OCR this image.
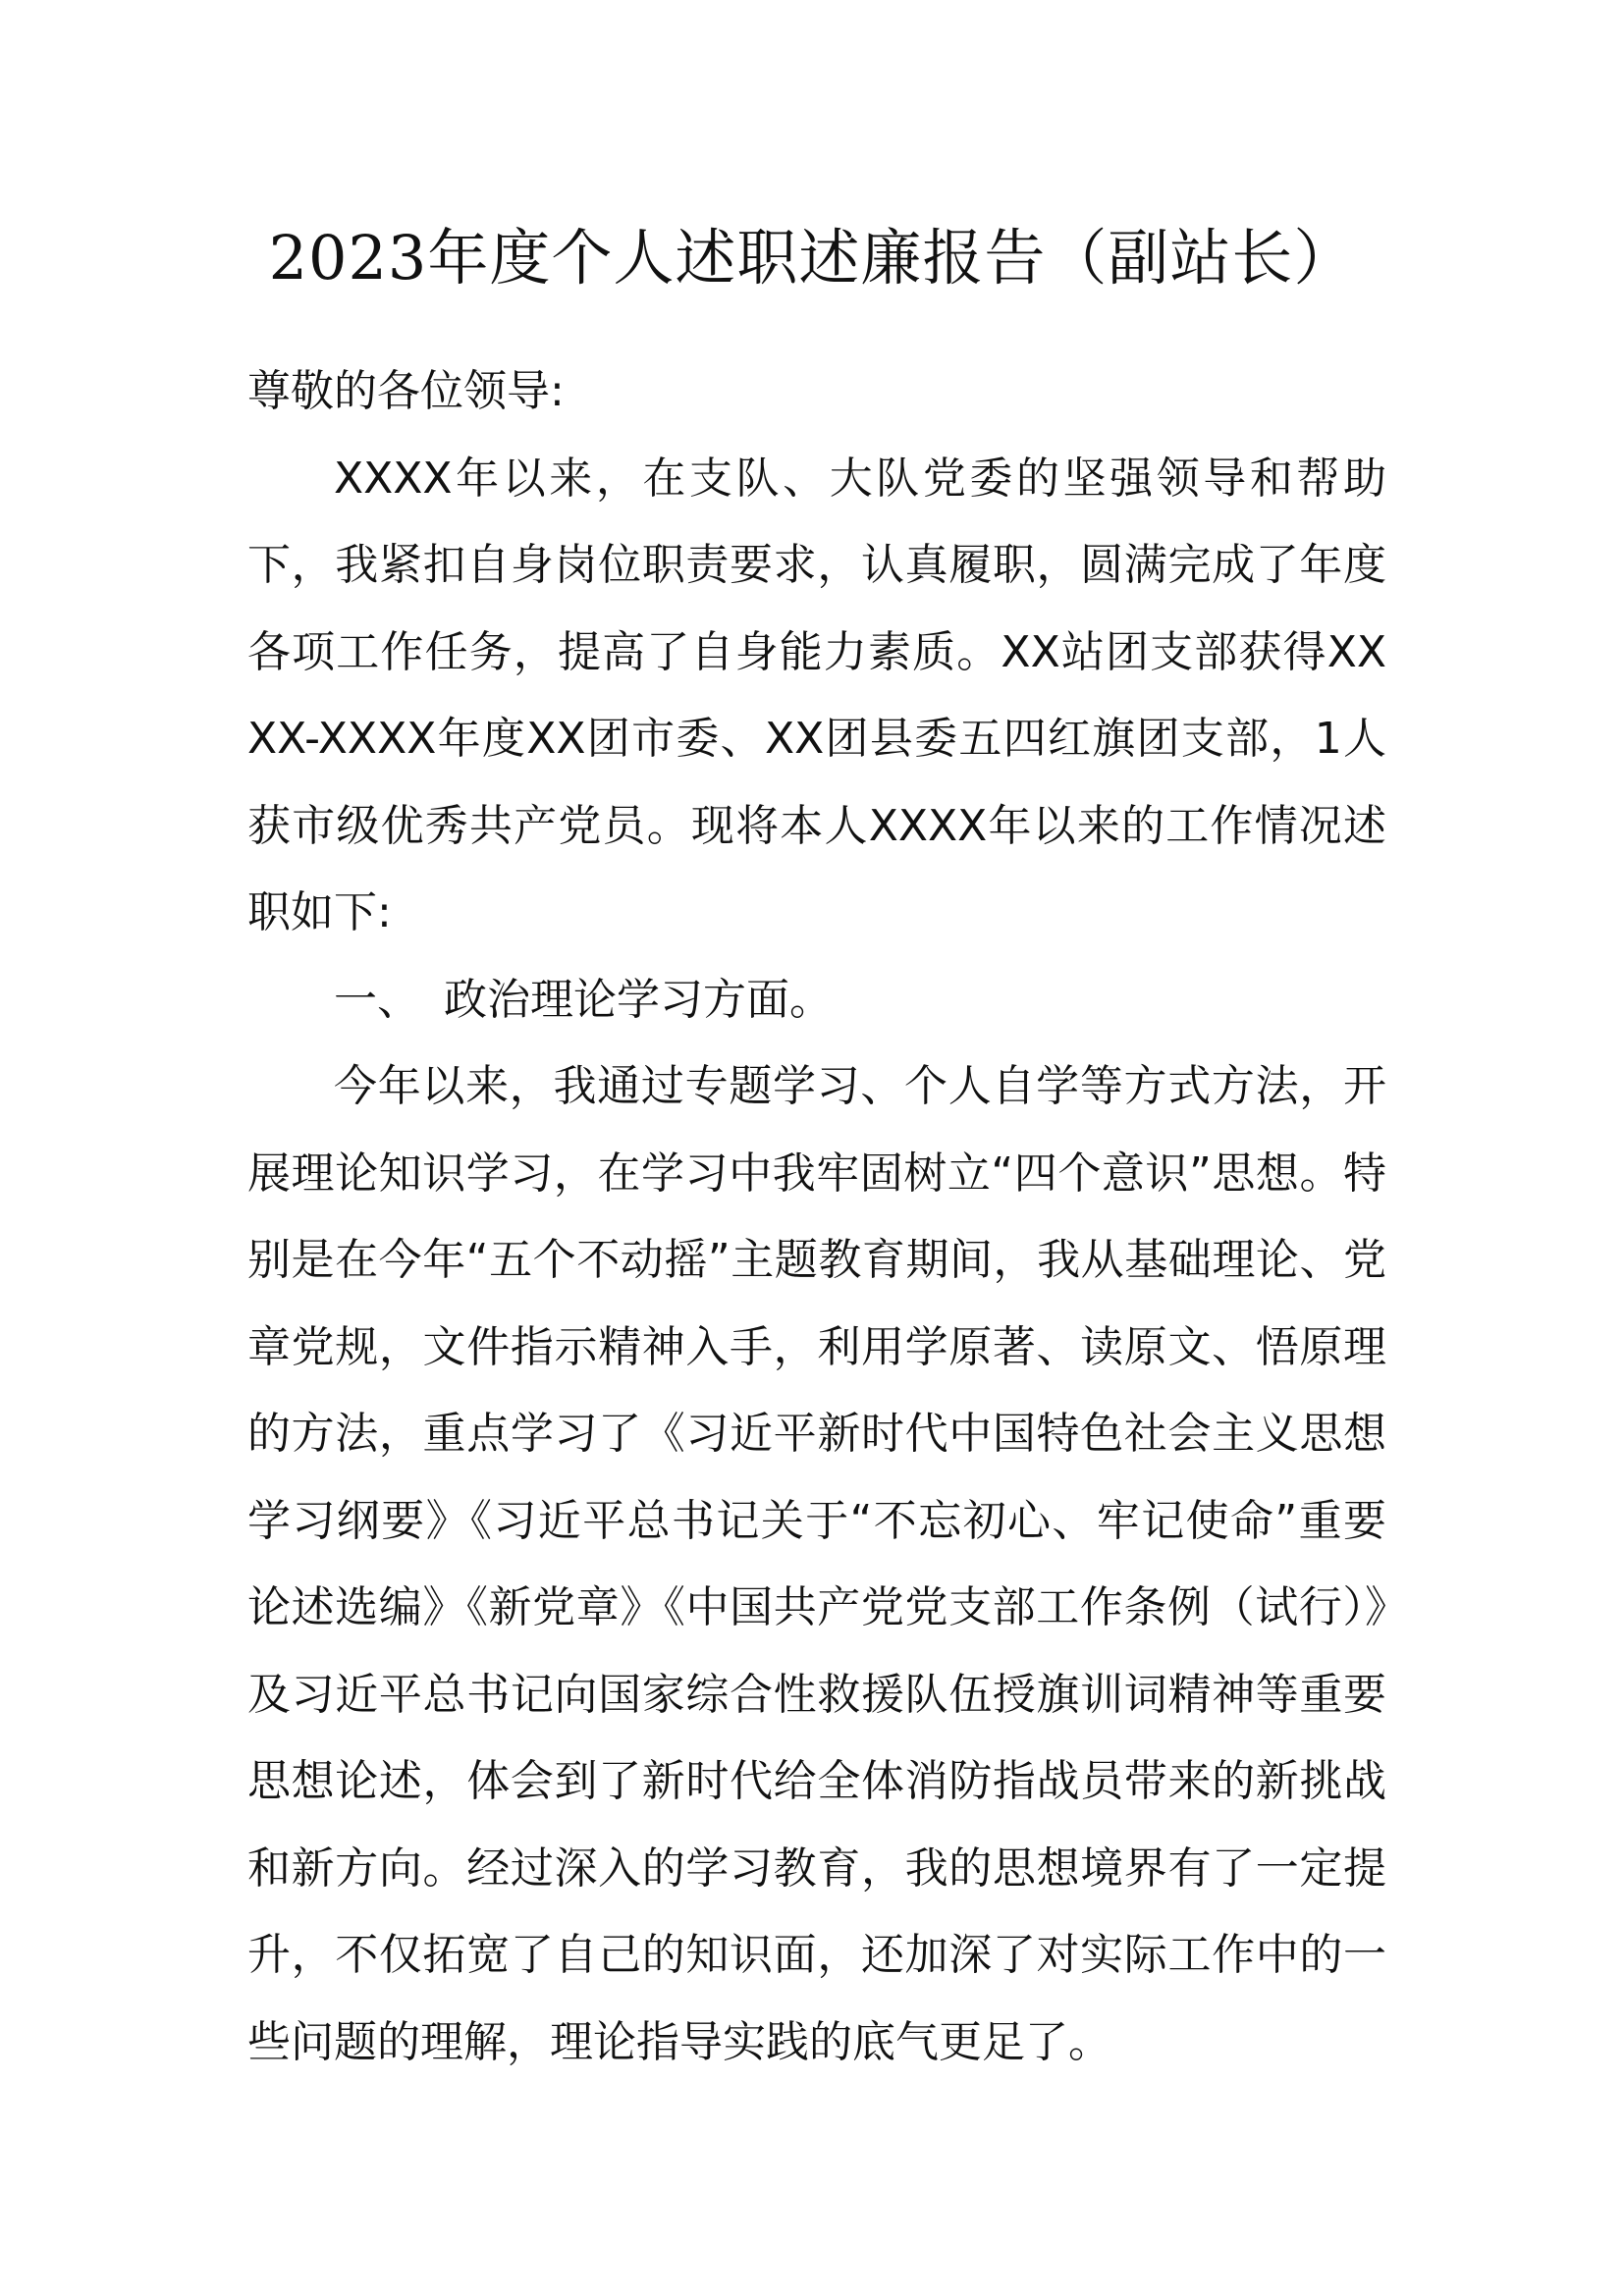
2023年度个人述职述廉报告（副站长）

尊敬的各位领导:

XXXX年以来，在支队、大队党委的坚强领导和帮助下，我紧扣自身岗位职责要求，认真履职，圆满完成了年度各项工作任务，提高了自身能力素质。XX站团支部获得XXXX-XXXX年度XX团市委、XX团县委五四红旗团支部，1人获市级优秀共产党员。现将本人XXXX年以来的工作情况述职如下:

一、 政治理论学习方面。

今年以来，我通过专题学习、个人自学等方式方法，开展理论知识学习，在学习中我牢固树立“四个意识”思想。特别是在今年“五个不动摇”主题教育期间，我从基础理论、党章党规，文件指示精神入手，利用学原著、读原文、悟原理的方法，重点学习了《习近平新时代中国特色社会主义思想学习纲要》《习近平总书记关于“不忘初心、牢记使命”重要论述选编》《新党章》《中国共产党党支部工作条例（试行）》及习近平总书记向国家综合性救援队伍授旗训词精神等重要思想论述，体会到了新时代给全体消防指战员带来的新挑战和新方向。经过深入的学习教育，我的思想境界有了一定提升，不仅拓宽了自己的知识面，还加深了对实际工作中的一些问题的理解，理论指导实践的底气更足了。
